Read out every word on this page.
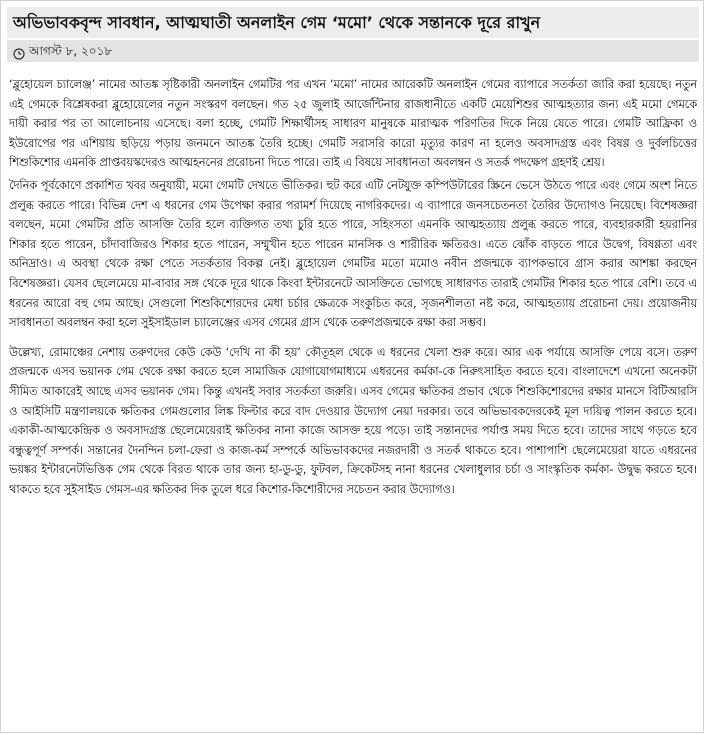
অভিভাবকবৃন্দ সাবধান, আত্মঘাতী অনলাইন গেম ‘মমো’ থেকে সন্তানকে দূরে রাখুন
আগস্ট ৮, ২০১৮

‘ব্লুহোয়েল চ্যালেঞ্জ’ নামের আতঙ্ক সৃষ্টিকারী অনলাইন গেমটির পর এখন ‘মমো’ নামের আরেকটি অনলাইন গেমের ব্যাপারে সতর্কতা জারি করা হয়েছে। নতুন এই গেমকে বিশ্লেষকরা ব্লুহোয়েলের নতুন সংস্করণ বলছেন। গত ২৫ জুলাই আর্জেন্টিনার রাজধানীতে একটি মেয়েশিশুর আত্মহত্যার জন্য এই মমো গেমকে দায়ী করার পর তা আলোচনায় এসেছে। বলা হচ্ছে, গেমটি শিক্ষার্থীসহ সাধারণ মানুষকে মারাত্মক পরিণতির দিকে নিয়ে যেতে পারে। গেমটি আফ্রিকা ও ইউরোপের পর এশিয়ায় ছড়িয়ে পড়ায় জনমনে আতঙ্ক তৈরি হচ্ছে। গেমটি সরাসরি কারো মৃত্যুর কারণ না হলেও অবসাদগ্রস্ত এবং বিষণ্ণ ও দুর্বলচিত্তের শিশুকিশোর এমনকি প্রাপ্তবয়স্কদেরও আত্মহননের প্ররোচনা দিতে পারে। তাই এ বিষয়ে সাবধানতা অবলম্বন ও সতর্ক পদক্ষেপ গ্রহণই শ্রেয়।

দৈনিক পূর্বকোণে প্রকাশিত খবর অনুযায়ী, মমো গেমটি দেখতে ভীতিকর। হুট করে এটি নেটযুক্ত কম্পিউটারের স্ক্রিনে ভেসে উঠতে পারে এবং গেমে অংশ নিতে প্রলুব্ধ করতে পারে। বিভিন্ন দেশ এ ধরনের গেম উপেক্ষা করার পরামর্শ দিয়েছে নাগরিকদের। এ ব্যাপারে জনসচেতনতা তৈরির উদ্যোগও নিয়েছে। বিশেষজ্ঞরা বলছেন, মমো গেমটির প্রতি আসক্তি তৈরি হলে ব্যক্তিগত তথ্য চুরি হতে পারে, সহিংসতা এমনকি আত্মহত্যায় প্রলুব্ধ করতে পারে, ব্যবহারকারী হয়রানির শিকার হতে পারেন, চাঁদাবাজিরও শিকার হতে পারেন, সম্মুখীন হতে পারেন মানসিক ও শারীরিক ক্ষতিরও। এতে ঝোঁক বাড়তে পারে উদ্বেগ, বিষণ্ণতা এবং অনিদ্রাও। এ অবস্থা থেকে রক্ষা পেতে সতর্কতার বিকল্প নেই। ব্লুহোয়েল গেমটির মতো মমোও নবীন প্রজন্মকে ব্যাপকভাবে গ্রাস করার আশঙ্কা করছেন বিশেষজ্ঞরা। যেসব ছেলেমেয়ে মা-বাবার সঙ্গ থেকে দূরে থাকে কিংবা ইন্টারনেটে আসক্তিতে ভোগছে সাধারণত তারাই গেমটির শিকার হতে পারে বেশি। তবে এ ধরনের আরো বহু গেম আছে। সেগুলো শিশুকিশোরদের মেধা চর্চার ক্ষেত্রকে সংকুচিত করে, সৃজনশীলতা নষ্ট করে, আত্মহত্যায় প্ররোচনা দেয়। প্রয়োজনীয় সাবধানতা অবলম্বন করা হলে সুইসাইডাল চ্যালেঞ্জের এসব গেমের গ্রাস থেকে তরুণপ্রজন্মকে রক্ষা করা সম্ভব।

উল্লেখ্য, রোমাঞ্চের নেশায় তরুণদের কেউ কেউ ‘দেখি না কী হয়’ কৌতূহল থেকে এ ধরনের খেলা শুরু করে। আর এক পর্যায়ে আসক্তি পেয়ে বসে। তরুণ প্রজন্মকে এসব ভয়ানক গেম থেকে রক্ষা করতে হলে সামাজিক যোগাযোগমাধ্যমে এধরনের কর্মকা-কে নিরুৎসাহিত করতে হবে। বাংলাদেশে এখনো অনেকটা সীমিত আকারেই আছে এসব ভয়ানক গেম। কিন্তু এখনই সবার সতর্কতা জরুরি। এসব গেমের ক্ষতিকর প্রভাব থেকে শিশুকিশোরদের রক্ষার মানসে বিটিআরসি ও আইসিটি মন্ত্রণালয়কে ক্ষতিকর গেমগুলোর লিঙ্ক ফিল্টার করে বাদ দেওয়ার উদ্যোগ নেয়া দরকার। তবে অভিভাবকদেরকেই মূল দায়িত্ব পালন করতে হবে। একাকী-আত্মকেন্দ্রিক ও অবসাদগ্রস্ত ছেলেমেয়েরাই ক্ষতিকর নানা কাজে আসক্ত হয়ে পড়ে। তাই সন্তানদের পর্যাপ্ত সময় দিতে হবে। তাদের সাথে গড়তে হবে বন্ধুত্বপূর্ণ সম্পর্ক। সন্তানের দৈনন্দিন চলা-ফেরা ও কাজ-কর্ম সম্পর্কে অভিভাবকদের নজরদারী ও সতর্ক থাকতে হবে। পাশাপাশি ছেলেমেয়েরা যাতে এধরনের ভয়ঙ্কর ইন্টারনেটভিত্তিক গেম থেকে বিরত থাকে তার জন্য হা-ডু-ডু, ফুটবল, ক্রিকেটসহ নানা ধরনের খেলাধুলার চর্চা ও সাংস্কৃতিক কর্মকা- উদ্বুদ্ধ করতে হবে। থাকতে হবে সুইসাইড গেমস-এর ক্ষতিকর দিক তুলে ধরে কিশোর-কিশোরীদের সচেতন করার উদ্যোগও।
